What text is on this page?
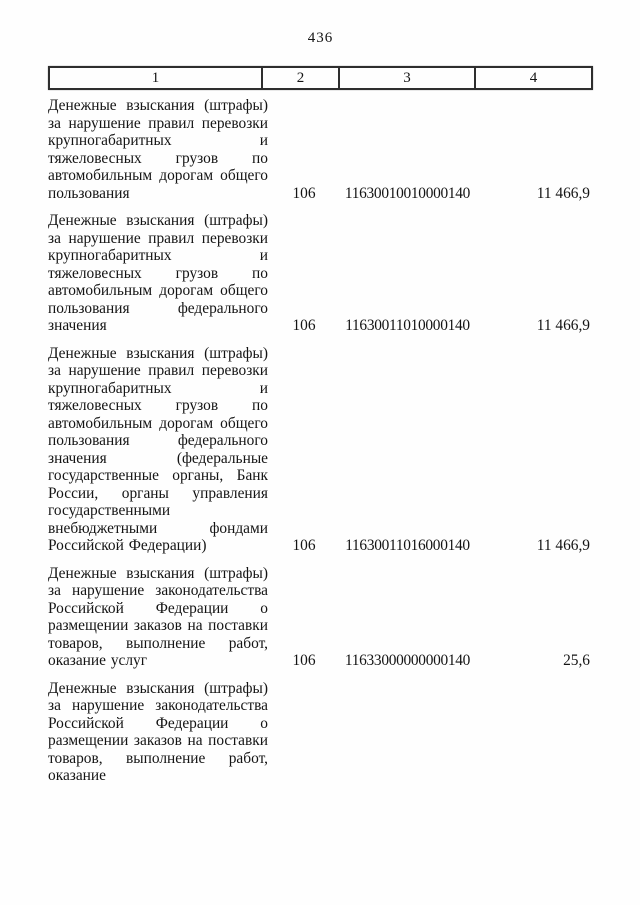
436
1	2	3	4
Денежные взыскания (штрафы) за нарушение правил перевозки крупногабаритных и тяжеловесных грузов по автомобильным дорогам общего пользования	106	11630010010000140	11 466,9
Денежные взыскания (штрафы) за нарушение правил перевозки крупногабаритных и тяжеловесных грузов по автомобильным дорогам общего пользования федерального значения	106	11630011010000140	11 466,9
Денежные взыскания (штрафы) за нарушение правил перевозки крупногабаритных и тяжеловесных грузов по автомобильным дорогам общего пользования федерального значения (федеральные государственные органы, Банк России, органы управления государственными внебюджетными фондами Российской Федерации)	106	11630011016000140	11 466,9
Денежные взыскания (штрафы) за нарушение законодательства Российской Федерации о размещении заказов на поставки товаров, выполнение работ, оказание услуг	106	11633000000000140	25,6
Денежные взыскания (штрафы) за нарушение законодательства Российской Федерации о размещении заказов на поставки товаров, выполнение работ, оказание
